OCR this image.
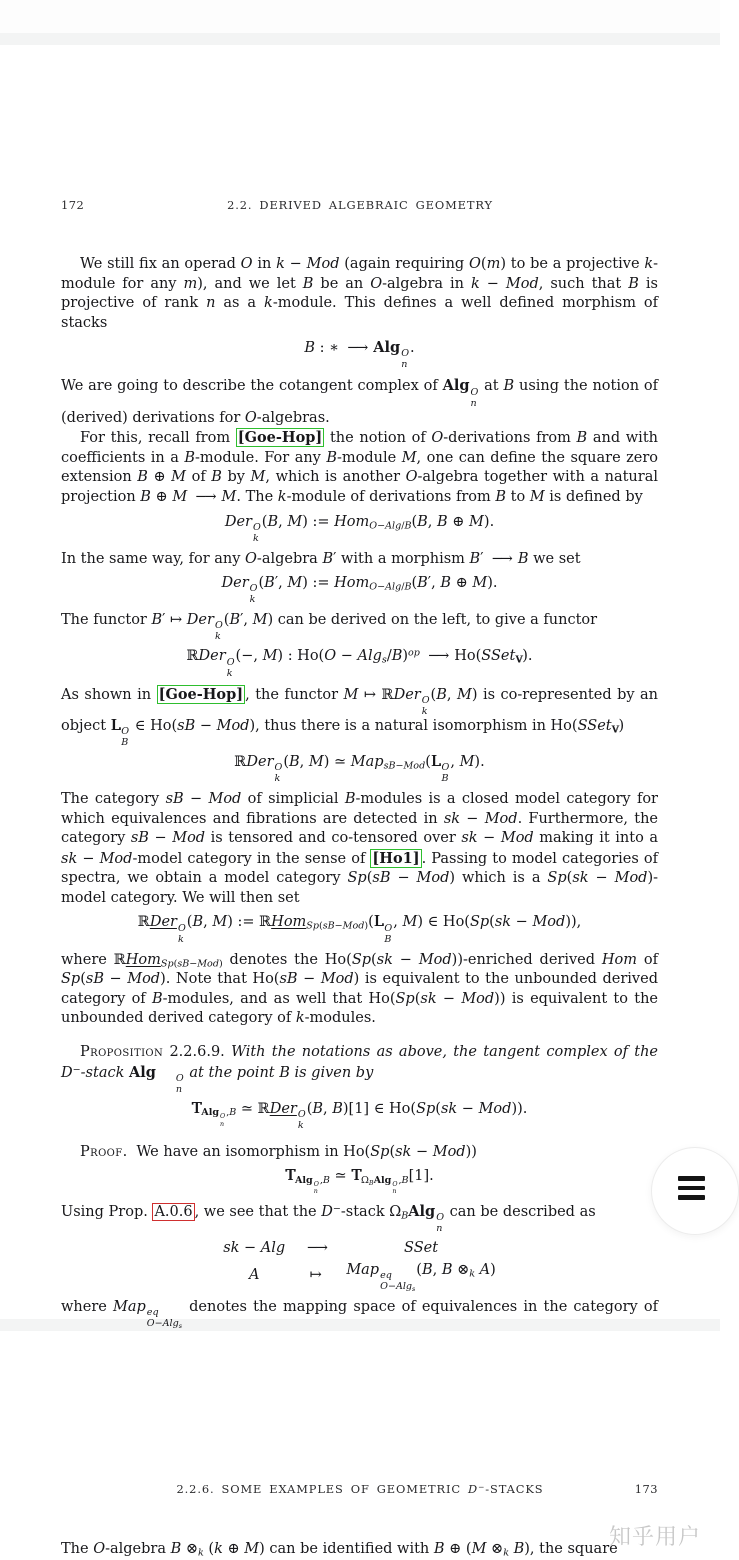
172	2.2. DERIVED ALGEBRAIC GEOMETRY
We still fix an operad O in k − Mod (again requiring O(m) to be a projective k-module for any m), and we let B be an O-algebra in k − Mod, such that B is projective of rank n as a k-module. This defines a well defined morphism of stacks
B : ∗ −→ Alg O
n
.
We are going to describe the cotangent complex of Alg O
n
at B using the notion of (derived) derivations for O-algebras.
For this, recall from [Goe-Hop] the notion of O-derivations from B and with coefficients in a B-module. For any B-module M, one can define the square zero extension B ⊕ M of B by M, which is another O-algebra together with a natural projection B ⊕ M −→ M. The k-module of derivations from B to M is defined by
Der O
k
(B, M) := Hom$_{O-Alg/B}$(B, B ⊕ M).
In the same way, for any O-algebra B′ with a morphism B′ −→ B we set
Der O
k
(B′, M) := Hom$_{O-Alg/B}$(B′, B ⊕ M).
The functor B′ ↦ Der O
k
(B′, M) can be derived on the left, to give a functor
ℝDer O
k
(−, M) : $Ho(O - Alg_s/B)^{op}$ −→ Ho(SSet$_V$).
As shown in [Goe-Hop] , the functor M ↦ ℝDer O
k
(B, M) is co-represented by an object L O
B
∈ Ho(sB − Mod), thus there is a natural isomorphism in Ho(SSet$_V$)
ℝDer O
k
(B, M) ≃ Map$_{sB-Mod}$(L O
B
, M).
The category sB − Mod of simplicial B-modules is a closed model category for which equivalences and fibrations are detected in sk − Mod. Furthermore, the category sB − Mod is tensored and co-tensored over sk − Mod making it into a sk − Mod-model category in the sense of [Ho1] . Passing to model categories of spectra, we obtain a model category Sp(sB − Mod) which is a Sp(sk − Mod)-model category. We will then set
ℝDer O
k
(B, M) := ℝHom$_{Sp(sB-Mod)}$(L O
B
, M) ∈ Ho(Sp(sk − Mod)),
where ℝHom$_{Sp(sB-Mod)}$ denotes the Ho(Sp(sk − Mod))-enriched derived Hom of Sp(sB − Mod). Note that Ho(sB − Mod) is equivalent to the unbounded derived category of B-modules, and as well that Ho(Sp(sk − Mod)) is equivalent to the unbounded derived category of k-modules.
Proposition 2.2.6.9. With the notations as above, the tangent complex of the D−-stack Alg	O
n
at the point B is given by
$T_{Alg O n ,B}$ ≃ ℝDer O
k
(B, B)[1] ∈ Ho(Sp(sk − Mod)).
Proof.  We have an isomorphism in Ho(Sp(sk − Mod))
$T_{Alg O n ,B}$ ≃ $T_{\Omega_BAlg O n ,B}[1]$.
Using Prop. A.0.6 , we see that the D−-stack $\Omega_BAlg$ O
n
can be described as
sk − Alg −→	SSet
A	↦ Map eq
O−Alg$_s$
(B, B $\otimes_k$ A)
where Map eq
O−Alg$_s$
denotes the mapping space of equivalences in the category of
2.2.6. SOME EXAMPLES OF GEOMETRIC D−-STACKS	173
The O-algebra B $\otimes_k$ (k ⊕ M) can be identified with B ⊕ (M $\otimes_k$ B), the square
知乎用户
